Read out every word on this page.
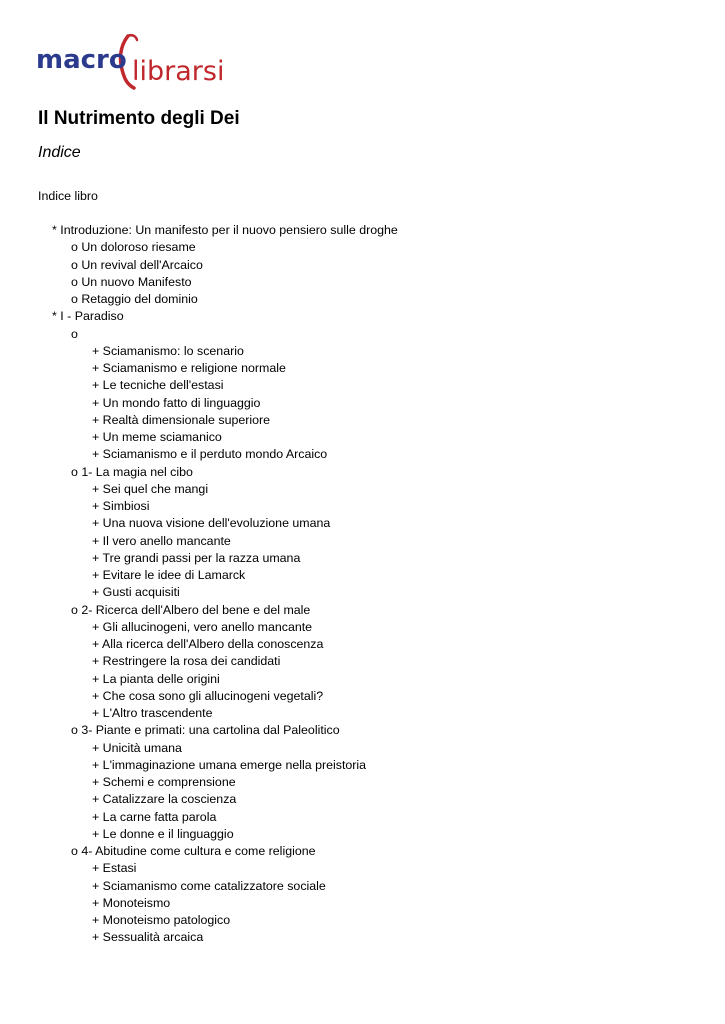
macro librarsi
Il Nutrimento degli Dei
Indice
Indice libro
* Introduzione: Un manifesto per il nuovo pensiero sulle droghe
o Un doloroso riesame
o Un revival dell'Arcaico
o Un nuovo Manifesto
o Retaggio del dominio
* I - Paradiso
o
+ Sciamanismo: lo scenario
+ Sciamanismo e religione normale
+ Le tecniche dell'estasi
+ Un mondo fatto di linguaggio
+ Realtà dimensionale superiore
+ Un meme sciamanico
+ Sciamanismo e il perduto mondo Arcaico
o 1- La magia nel cibo
+ Sei quel che mangi
+ Simbiosi
+ Una nuova visione dell'evoluzione umana
+ Il vero anello mancante
+ Tre grandi passi per la razza umana
+ Evitare le idee di Lamarck
+ Gusti acquisiti
o 2- Ricerca dell'Albero del bene e del male
+ Gli allucinogeni, vero anello mancante
+ Alla ricerca dell'Albero della conoscenza
+ Restringere la rosa dei candidati
+ La pianta delle origini
+ Che cosa sono gli allucinogeni vegetali?
+ L'Altro trascendente
o 3- Piante e primati: una cartolina dal Paleolitico
+ Unicità umana
+ L'immaginazione umana emerge nella preistoria
+ Schemi e comprensione
+ Catalizzare la coscienza
+ La carne fatta parola
+ Le donne e il linguaggio
o 4- Abitudine come cultura e come religione
+ Estasi
+ Sciamanismo come catalizzatore sociale
+ Monoteismo
+ Monoteismo patologico
+ Sessualità arcaica
